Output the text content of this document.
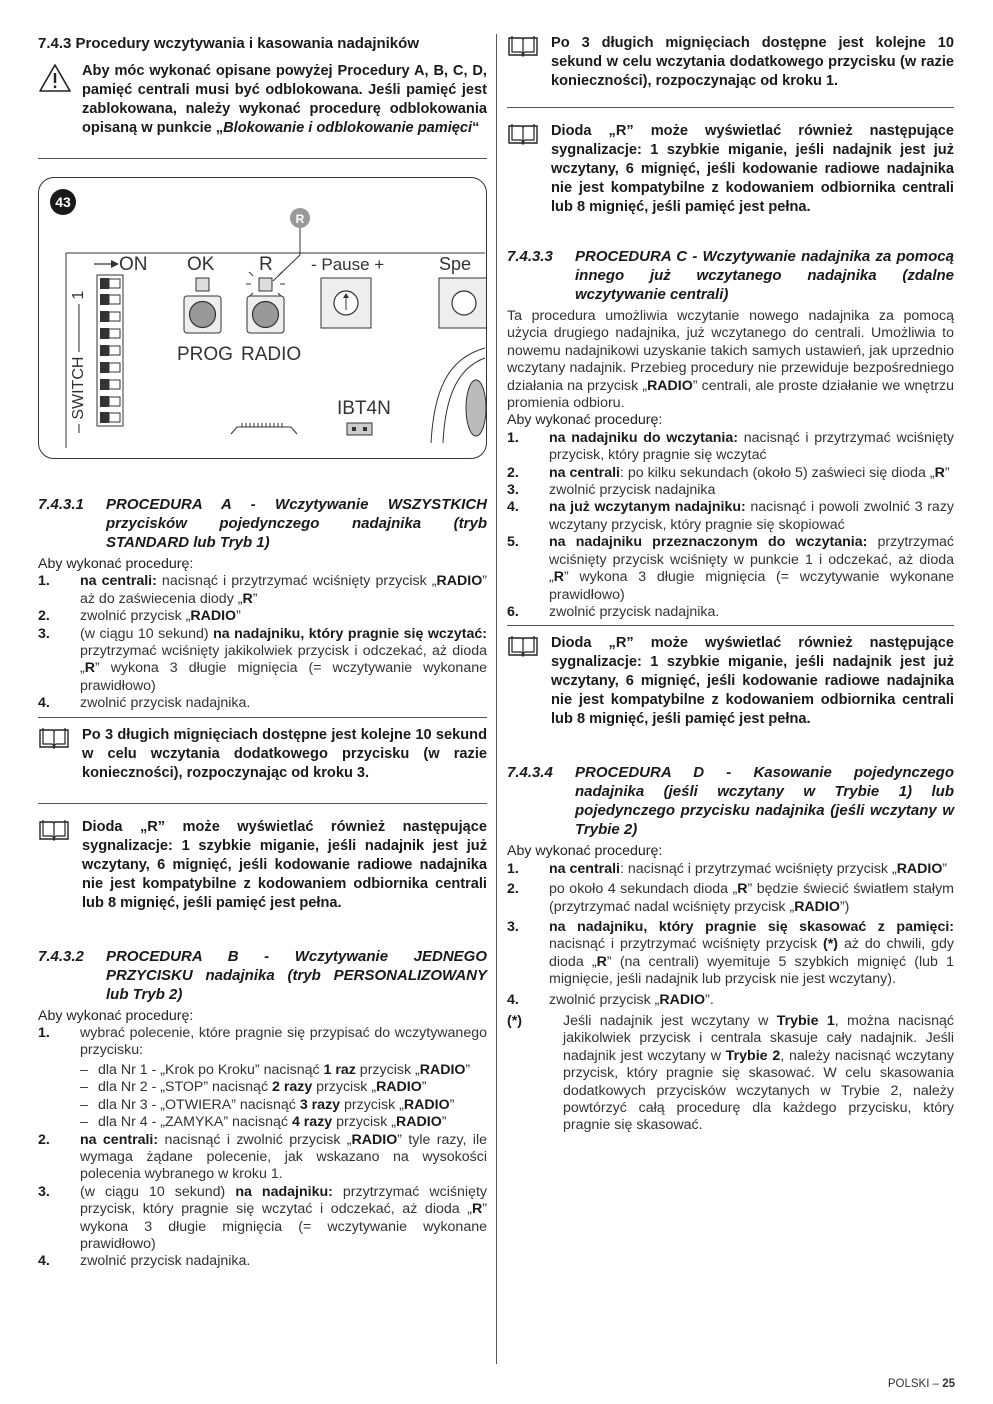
7.4.3 Procedury wczytywania i kasowania nadajników
Aby móc wykonać opisane powyżej Procedury A, B, C, D, pamięć centrali musi być odblokowana. Jeśli pamięć jest zablokowana, należy wykonać procedurę odblokowania opisaną w punkcie „Blokowanie i odblokowanie pamięci“
43
R
ON OK R - Pause +	Spe
– SWITCH ——— 1	PROG RADIO
IBT4N
7.4.3.1	PROCEDURA A - Wczytywanie WSZYSTKICH przycisków pojedynczego nadajnika (tryb STANDARD lub Tryb 1)
Aby wykonać procedurę:
1.	na centrali: nacisnąć i przytrzymać wciśnięty przycisk „RADIO” aż do zaświecenia diody „R”
2.	zwolnić przycisk „RADIO”
3.	(w ciągu 10 sekund) na nadajniku, który pragnie się wczytać: przytrzymać wciśnięty jakikolwiek przycisk i odczekać, aż dioda „R” wykona 3 długie mignięcia (= wczytywanie wykonane prawidłowo)
4.	zwolnić przycisk nadajnika.
Po 3 długich mignięciach dostępne jest kolejne 10 sekund w celu wczytania dodatkowego przycisku (w razie konieczności), rozpoczynając od kroku 3.
Dioda „R” może wyświetlać również następujące sygnalizacje: 1 szybkie miganie, jeśli nadajnik jest już wczytany, 6 mignięć, jeśli kodowanie radiowe nadajnika nie jest kompatybilne z kodowaniem odbiornika centrali lub 8 mignięć, jeśli pamięć jest pełna.
7.4.3.2	PROCEDURA B - Wczytywanie JEDNEGO PRZYCISKU nadajnika (tryb PERSONALIZOWANY lub Tryb 2)
Aby wykonać procedurę:
1.	wybrać polecenie, które pragnie się przypisać do wczytywanego przycisku:
– dla Nr 1 - „Krok po Kroku” nacisnąć 1 raz przycisk „RADIO”
– dla Nr 2 - „STOP” nacisnąć 2 razy przycisk „RADIO”
– dla Nr 3 - „OTWIERA” nacisnąć 3 razy przycisk „RADIO”
– dla Nr 4 - „ZAMYKA” nacisnąć 4 razy przycisk „RADIO”
2.	na centrali: nacisnąć i zwolnić przycisk „RADIO” tyle razy, ile wymaga żądane polecenie, jak wskazano na wysokości polecenia wybranego w kroku 1.
3.	(w ciągu 10 sekund) na nadajniku: przytrzymać wciśnięty przycisk, który pragnie się wczytać i odczekać, aż dioda „R” wykona 3 długie mignięcia (= wczytywanie wykonane prawidłowo)
4.	zwolnić przycisk nadajnika.
Po 3 długich mignięciach dostępne jest kolejne 10 sekund w celu wczytania dodatkowego przycisku (w razie konieczności), rozpoczynając od kroku 1.
Dioda „R” może wyświetlać również następujące sygnalizacje: 1 szybkie miganie, jeśli nadajnik jest już wczytany, 6 mignięć, jeśli kodowanie radiowe nadajnika nie jest kompatybilne z kodowaniem odbiornika centrali lub 8 mignięć, jeśli pamięć jest pełna.
7.4.3.3	PROCEDURA C - Wczytywanie nadajnika za pomocą innego już wczytanego nadajnika (zdalne wczytywanie centrali)
Ta procedura umożliwia wczytanie nowego nadajnika za pomocą użycia drugiego nadajnika, już wczytanego do centrali. Umożliwia to nowemu nadajnikowi uzyskanie takich samych ustawień, jak uprzednio wczytany nadajnik. Przebieg procedury nie przewiduje bezpośredniego działania na przycisk „RADIO” centrali, ale proste działanie we wnętrzu promienia odbioru.
Aby wykonać procedurę:
1.	na nadajniku do wczytania: nacisnąć i przytrzymać wciśnięty przycisk, który pragnie się wczytać
2.	na centrali: po kilku sekundach (około 5) zaświeci się dioda „R”
3.	zwolnić przycisk nadajnika
4.	na już wczytanym nadajniku: nacisnąć i powoli zwolnić 3 razy wczytany przycisk, który pragnie się skopiować
5.	na nadajniku przeznaczonym do wczytania: przytrzymać wciśnięty przycisk wciśnięty w punkcie 1 i odczekać, aż dioda „R” wykona 3 długie mignięcia (= wczytywanie wykonane prawidłowo)
6.	zwolnić przycisk nadajnika.
Dioda „R” może wyświetlać również następujące sygnalizacje: 1 szybkie miganie, jeśli nadajnik jest już wczytany, 6 mignięć, jeśli kodowanie radiowe nadajnika nie jest kompatybilne z kodowaniem odbiornika centrali lub 8 mignięć, jeśli pamięć jest pełna.
7.4.3.4	PROCEDURA D - Kasowanie pojedynczego nadajnika (jeśli wczytany w Trybie 1) lub pojedynczego przycisku nadajnika (jeśli wczytany w Trybie 2)
Aby wykonać procedurę:
1.	na centrali: nacisnąć i przytrzymać wciśnięty przycisk „RADIO”
2.	po około 4 sekundach dioda „R” będzie świecić światłem stałym (przytrzymać nadal wciśnięty przycisk „RADIO”)
3.	na nadajniku, który pragnie się skasować z pamięci: nacisnąć i przytrzymać wciśnięty przycisk (*) aż do chwili, gdy dioda „R” (na centrali) wyemituje 5 szybkich mignięć (lub 1 mignięcie, jeśli nadajnik lub przycisk nie jest wczytany).
4.	zwolnić przycisk „RADIO”.
(*)	Jeśli nadajnik jest wczytany w Trybie 1, można nacisnąć jakikolwiek przycisk i centrala skasuje cały nadajnik. Jeśli nadajnik jest wczytany w Trybie 2, należy nacisnąć wczytany przycisk, który pragnie się skasować. W celu skasowania dodatkowych przycisków wczytanych w Trybie 2, należy powtórzyć całą procedurę dla każdego przycisku, który pragnie się skasować.
POLSKI – 25
